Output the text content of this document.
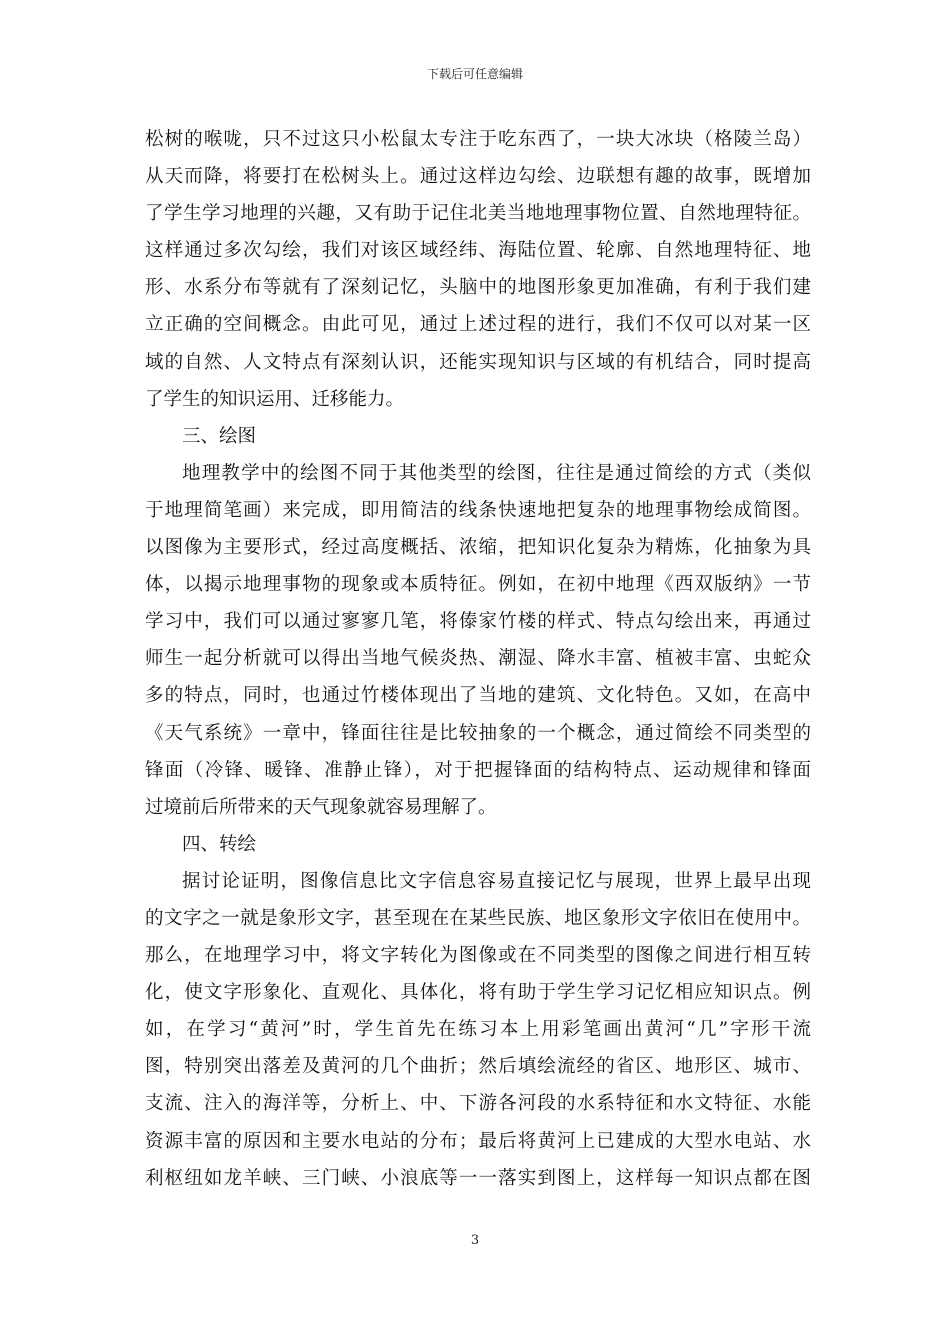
下载后可任意编辑
松树的喉咙，只不过这只小松鼠太专注于吃东西了，一块大冰块（格陵兰岛）
从天而降，将要打在松树头上。通过这样边勾绘、边联想有趣的故事，既增加
了学生学习地理的兴趣，又有助于记住北美当地地理事物位置、自然地理特征。
这样通过多次勾绘，我们对该区域经纬、海陆位置、轮廓、自然地理特征、地
形、水系分布等就有了深刻记忆，头脑中的地图形象更加准确，有利于我们建
立正确的空间概念。由此可见，通过上述过程的进行，我们不仅可以对某一区
域的自然、人文特点有深刻认识，还能实现知识与区域的有机结合，同时提高
了学生的知识运用、迁移能力。
三、绘图
地理教学中的绘图不同于其他类型的绘图，往往是通过简绘的方式（类似
于地理简笔画）来完成，即用简洁的线条快速地把复杂的地理事物绘成简图。
以图像为主要形式，经过高度概括、浓缩，把知识化复杂为精炼，化抽象为具
体，以揭示地理事物的现象或本质特征。例如，在初中地理《西双版纳》一节
学习中，我们可以通过寥寥几笔，将傣家竹楼的样式、特点勾绘出来，再通过
师生一起分析就可以得出当地气候炎热、潮湿、降水丰富、植被丰富、虫蛇众
多的特点，同时，也通过竹楼体现出了当地的建筑、文化特色。又如，在高中
《天气系统》一章中，锋面往往是比较抽象的一个概念，通过简绘不同类型的
锋面（冷锋、暖锋、准静止锋），对于把握锋面的结构特点、运动规律和锋面
过境前后所带来的天气现象就容易理解了。
四、转绘
据讨论证明，图像信息比文字信息容易直接记忆与展现，世界上最早出现
的文字之一就是象形文字，甚至现在在某些民族、地区象形文字依旧在使用中。
那么，在地理学习中，将文字转化为图像或在不同类型的图像之间进行相互转
化，使文字形象化、直观化、具体化，将有助于学生学习记忆相应知识点。例
如，在学习“黄河”时，学生首先在练习本上用彩笔画出黄河“几”字形干流
图，特别突出落差及黄河的几个曲折；然后填绘流经的省区、地形区、城市、
支流、注入的海洋等，分析上、中、下游各河段的水系特征和水文特征、水能
资源丰富的原因和主要水电站的分布；最后将黄河上已建成的大型水电站、水
利枢纽如龙羊峡、三门峡、小浪底等一一落实到图上，这样每一知识点都在图
3
